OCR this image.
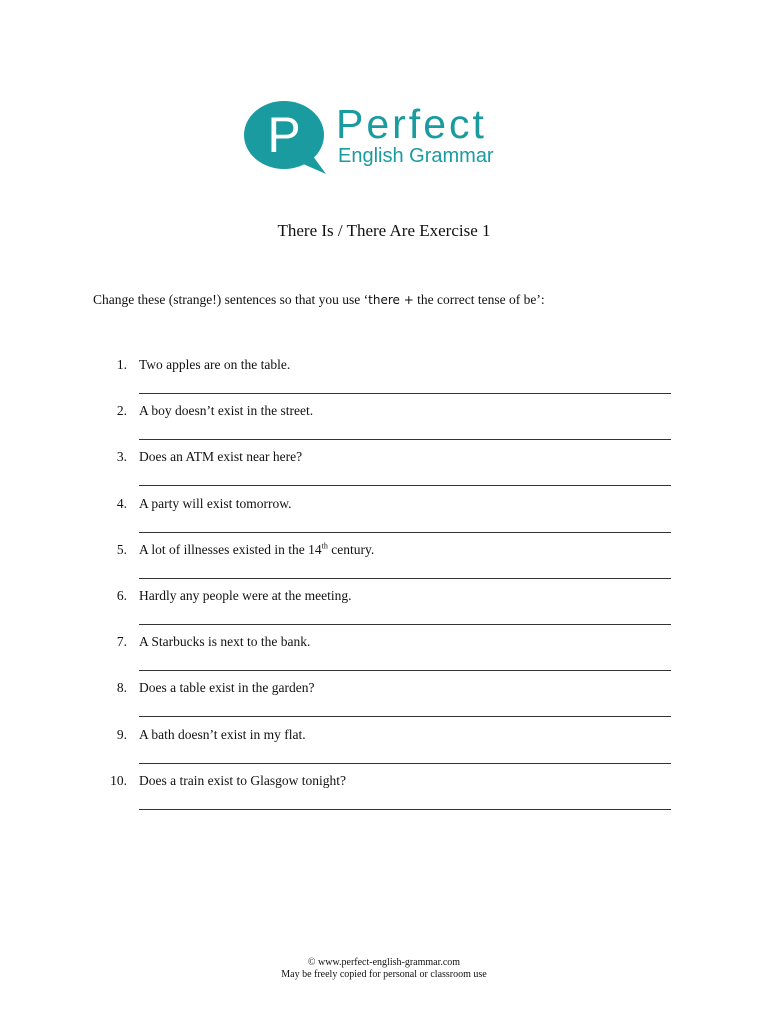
P Perfect
English Grammar
There Is / There Are Exercise 1
Change these (strange!) sentences so that you use ‘there + the correct tense of be’:
1. Two apples are on the table.
2. A boy doesn’t exist in the street.
3. Does an ATM exist near here?
4. A party will exist tomorrow.
5. A lot of illnesses existed in the 14th century.
6. Hardly any people were at the meeting.
7. A Starbucks is next to the bank.
8. Does a table exist in the garden?
9. A bath doesn’t exist in my flat.
10. Does a train exist to Glasgow tonight?
© www.perfect-english-grammar.com
May be freely copied for personal or classroom use
